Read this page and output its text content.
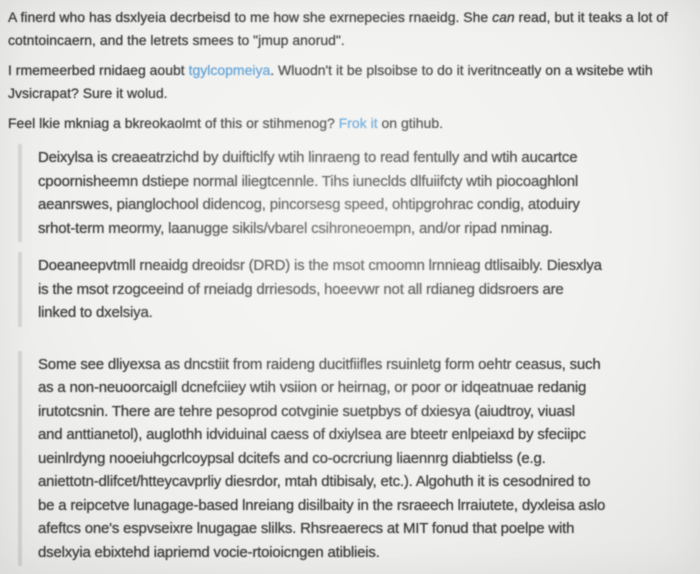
A finerd who has dsxlyeia decrbeisd to me how she exrnepecies rnaeidg. She can read, but it teaks a lot of
cotntoincaern, and the letrets smees to "jmup anorud".

I rmemeerbed rnidaeg aoubt tgylcopmeiya. Wluodn't it be plsoibse to do it iveritnceatly on a wsitebe wtih
Jvsicrapat? Sure it wolud.

Feel lkie mkniag a bkreokaolmt of this or stihmenog? Frok it on gtihub.

Deixylsa is creaeatrzichd by duifticlfy wtih linraeng to read fentully and wtih aucartce
cpoornisheemn dstiepe normal iliegtcennle. Tihs iuneclds dlfuiifcty wtih piocoaghlonl
aeanrswes, pianglochool didencog, pincorsesg speed, ohtipgrohrac condig, atoduiry
srhot-term meormy, laanugge sikils/vbarel csihroneoempn, and/or ripad nminag.
Doeaneepvtmll rneaidg dreoidsr (DRD) is the msot cmoomn lrnnieag dtlisaibly. Diesxlya
is the msot rzogceeind of rneiadg drriesods, hoeevwr not all rdianeg didsroers are
linked to dxelsiya.
Some see dliyexsa as dncstiit from raideng ducitfiifles rsuinletg form oehtr ceasus, such
as a non-neuoorcaigll dcnefciiey wtih vsiion or heirnag, or poor or idqeatnuae redanig
irutotcsnin. There are tehre pesoprod cotvginie suetpbys of dxiesya (aiudtroy, viuasl
and anttianetol), auglothh idviduinal caess of dxiylsea are bteetr enlpeiaxd by sfeciipc
ueinlrdyng nooeiuhgcrlcoypsal dcitefs and co-ocrcriung liaennrg diabtielss (e.g.
aniettotn-dlifcet/htteycavprliy diesrdor, mtah dtibisaly, etc.). Algohuth it is cesodnired to
be a reipcetve lunagage-based lnreiang disilbaity in the rsraeech lrraiutete, dyxleisa aslo
afeftcs one's espvseixre lnugagae slilks. Rhsreaerecs at MIT fonud that poelpe with
dselxyia ebixtehd iapriemd vocie-rtoioicngen atiblieis.
